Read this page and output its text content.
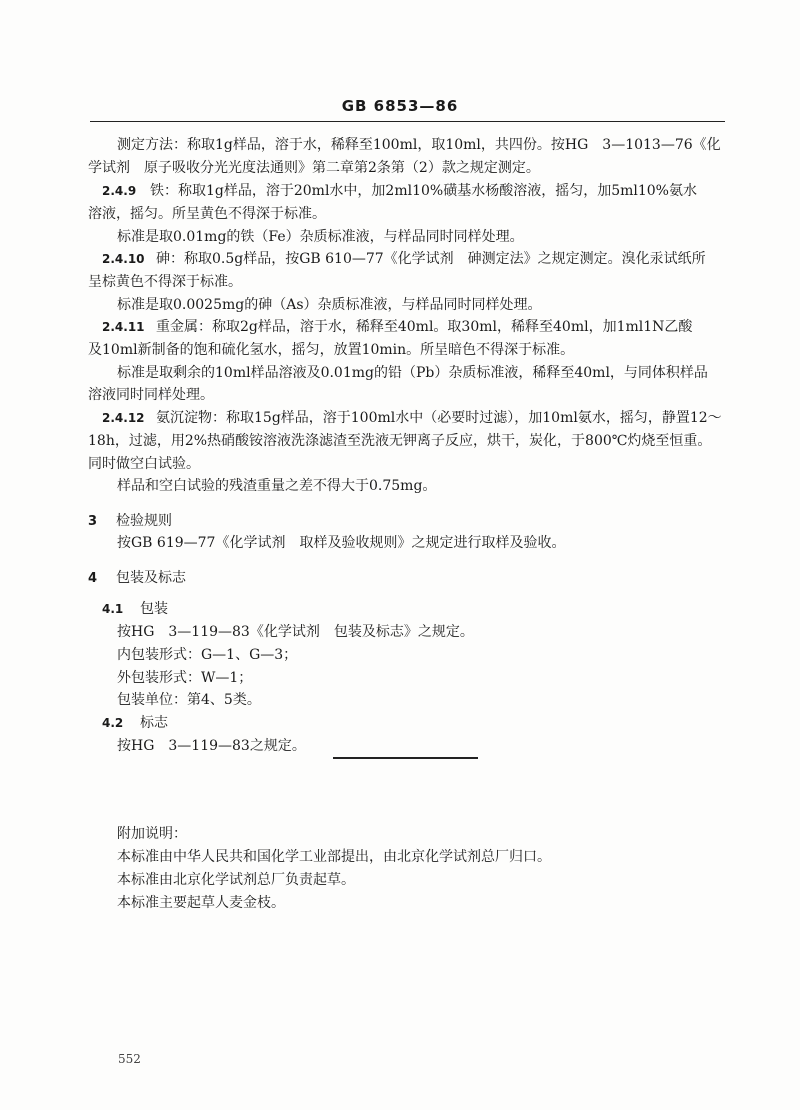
GB 6853—86
测定方法：称取1g样品，溶于水，稀释至100ml，取10ml，共四份。按HG　3—1013—76《化
学试剂　原子吸收分光光度法通则》第二章第2条第（2）款之规定测定。
2.4.9 铁：称取1g样品，溶于20ml水中，加2ml10%磺基水杨酸溶液，摇匀，加5ml10%氨水
溶液，摇匀。所呈黄色不得深于标准。
标准是取0.01mg的铁（Fe）杂质标准液，与样品同时同样处理。
2.4.10 砷：称取0.5g样品，按GB 610—77《化学试剂　砷测定法》之规定测定。溴化汞试纸所
呈棕黄色不得深于标准。
标准是取0.0025mg的砷（As）杂质标准液，与样品同时同样处理。
2.4.11 重金属：称取2g样品，溶于水，稀释至40ml。取30ml，稀释至40ml，加1ml1N乙酸
及10ml新制备的饱和硫化氢水，摇匀，放置10min。所呈暗色不得深于标准。
标准是取剩余的10ml样品溶液及0.01mg的铅（Pb）杂质标准液，稀释至40ml，与同体积样品
溶液同时同样处理。
2.4.12 氨沉淀物：称取15g样品，溶于100ml水中（必要时过滤），加10ml氨水，摇匀，静置12～
18h，过滤，用2%热硝酸铵溶液洗涤滤渣至洗液无钾离子反应，烘干，炭化，于800℃灼烧至恒重。
同时做空白试验。
样品和空白试验的残渣重量之差不得大于0.75mg。
3 检验规则
按GB 619—77《化学试剂　取样及验收规则》之规定进行取样及验收。
4 包装及标志
4.1 包装
按HG　3—119—83《化学试剂　包装及标志》之规定。
内包装形式：G—1、G—3；
外包装形式：W—1；
包装单位：第4、5类。
4.2 标志
按HG　3—119—83之规定。
附加说明：
本标准由中华人民共和国化学工业部提出，由北京化学试剂总厂归口。
本标准由北京化学试剂总厂负责起草。
本标准主要起草人麦金枝。
552
